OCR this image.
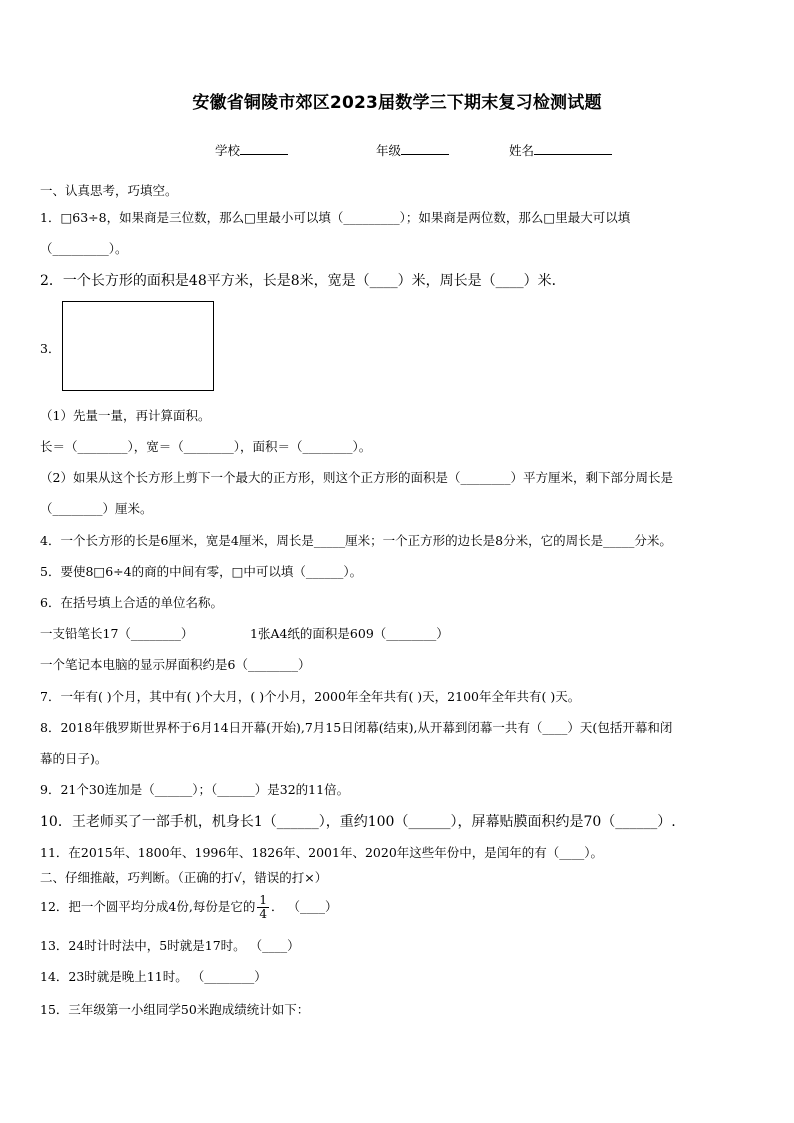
安徽省铜陵市郊区2023届数学三下期末复习检测试题
学校	年级	姓名
一、认真思考，巧填空。
1．□63÷8，如果商是三位数，那么□里最小可以填（_________）；如果商是两位数，那么□里最大可以填
（_________）。
2．一个长方形的面积是48平方米，长是8米，宽是（____）米，周长是（____）米．
3．
（1）先量一量，再计算面积。
长＝（________），宽＝（________），面积＝（________）。
（2）如果从这个长方形上剪下一个最大的正方形，则这个正方形的面积是（________）平方厘米，剩下部分周长是
（________）厘米。
4．一个长方形的长是6厘米，宽是4厘米，周长是_____厘米；一个正方形的边长是8分米，它的周长是_____分米。
5．要使8□6÷4的商的中间有零，□中可以填（______）。
6．在括号填上合适的单位名称。
一支铅笔长17（________）	1张A4纸的面积是609（________）
一个笔记本电脑的显示屏面积约是6（________）
7．一年有( )个月，其中有( )个大月，( )个小月，2000年全年共有( )天，2100年全年共有( )天。
8．2018年俄罗斯世界杯于6月14日开幕(开始),7月15日闭幕(结束),从开幕到闭幕一共有（____）天(包括开幕和闭
幕的日子)。
9．21个30连加是（______）；（______）是32的11倍。
10．王老师买了一部手机，机身长1（______），重约100（______），屏幕贴膜面积约是70（______）.
11．在2015年、1800年、1996年、1826年、2001年、2020年这些年份中，是闰年的有（____）。
二、仔细推敲，巧判断。（正确的打√，错误的打×）
12．把一个圆平均分成4份,每份是它的 $\frac{1}{4}$ ． （____）
13．24时计时法中，5时就是17时。 （____）
14．23时就是晚上11时。 （________）
15．三年级第一小组同学50米跑成绩统计如下：
